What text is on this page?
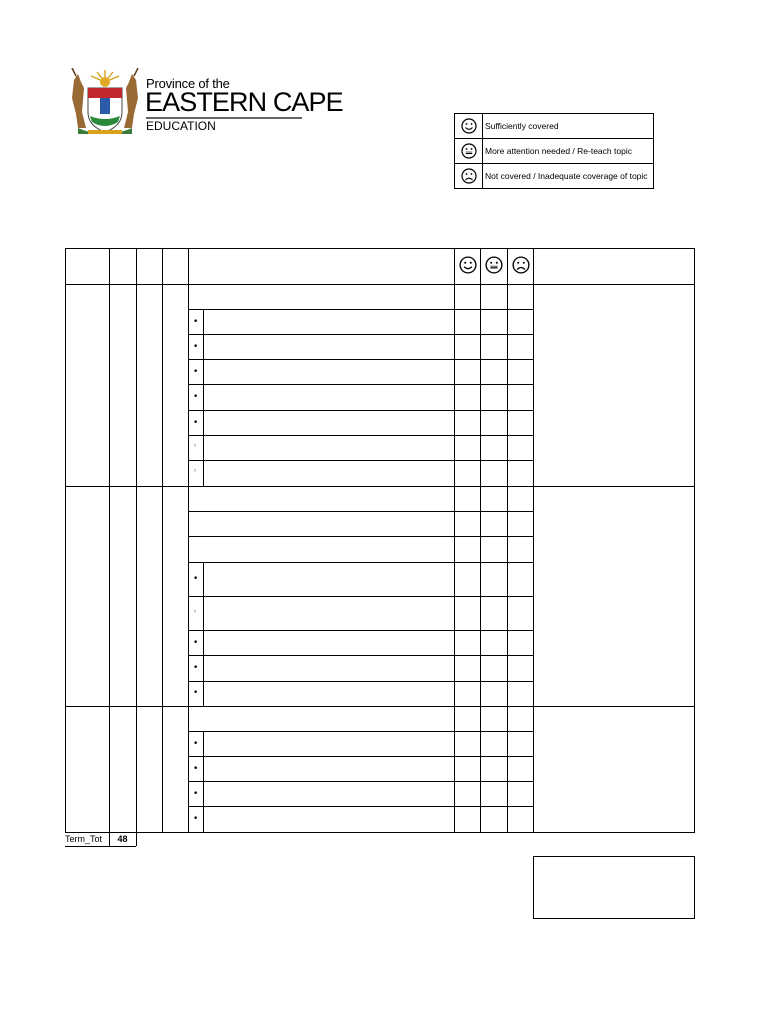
Province of the
EASTERN CAPE
EDUCATION	Sufficiently covered
More attention needed / Re-teach topic
Not covered / Inadequate coverage of topic
•
•
•
•
•
◦
◦
•
◦
•
•
•
•
•
•
•
Term_Tot	48
